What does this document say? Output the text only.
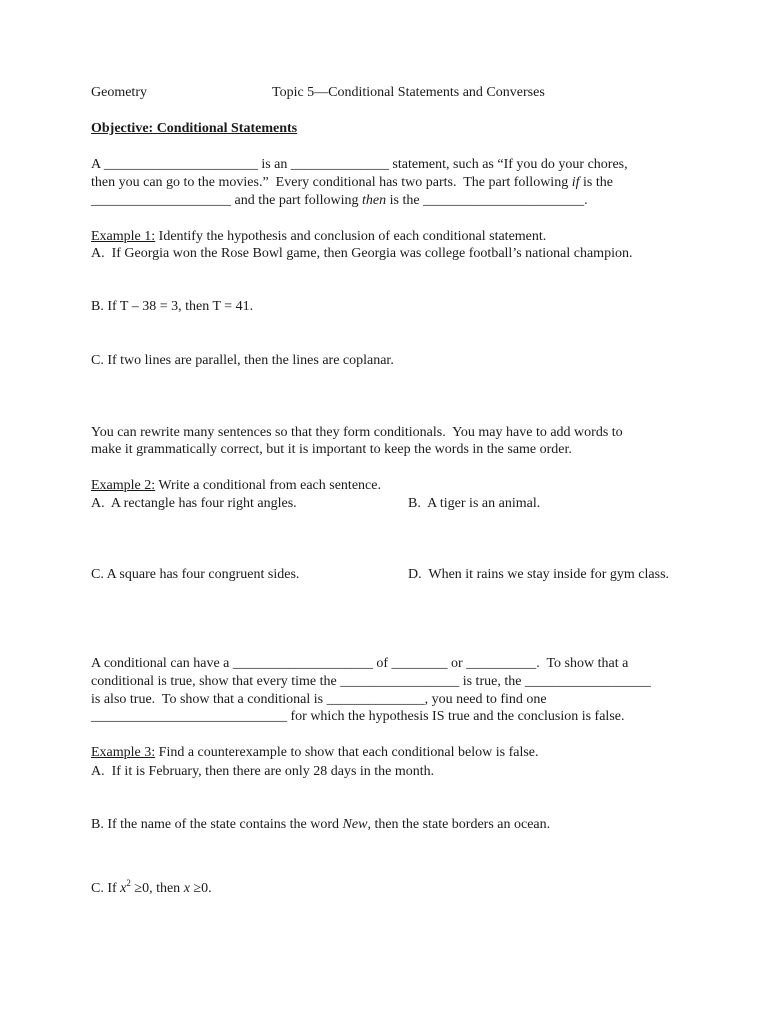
Geometry	Topic 5—Conditional Statements and Converses
Objective: Conditional Statements
A ______________________ is an ______________ statement, such as “If you do your chores,
then you can go to the movies.”  Every conditional has two parts.  The part following if is the
____________________ and the part following then is the _______________________.
Example 1: Identify the hypothesis and conclusion of each conditional statement.
A.  If Georgia won the Rose Bowl game, then Georgia was college football’s national champion.
B. If T – 38 = 3, then T = 41.
C. If two lines are parallel, then the lines are coplanar.
You can rewrite many sentences so that they form conditionals.  You may have to add words to
make it grammatically correct, but it is important to keep the words in the same order.
Example 2: Write a conditional from each sentence.
A.  A rectangle has four right angles.	B.  A tiger is an animal.
C. A square has four congruent sides.	D.  When it rains we stay inside for gym class.
A conditional can have a ____________________ of ________ or __________.  To show that a
conditional is true, show that every time the _________________ is true, the __________________
is also true.  To show that a conditional is ______________, you need to find one
____________________________ for which the hypothesis IS true and the conclusion is false.
Example 3: Find a counterexample to show that each conditional below is false.
A.  If it is February, then there are only 28 days in the month.
B. If the name of the state contains the word New, then the state borders an ocean.
C. If $x^2 \ge 0$, then x ≥0.
